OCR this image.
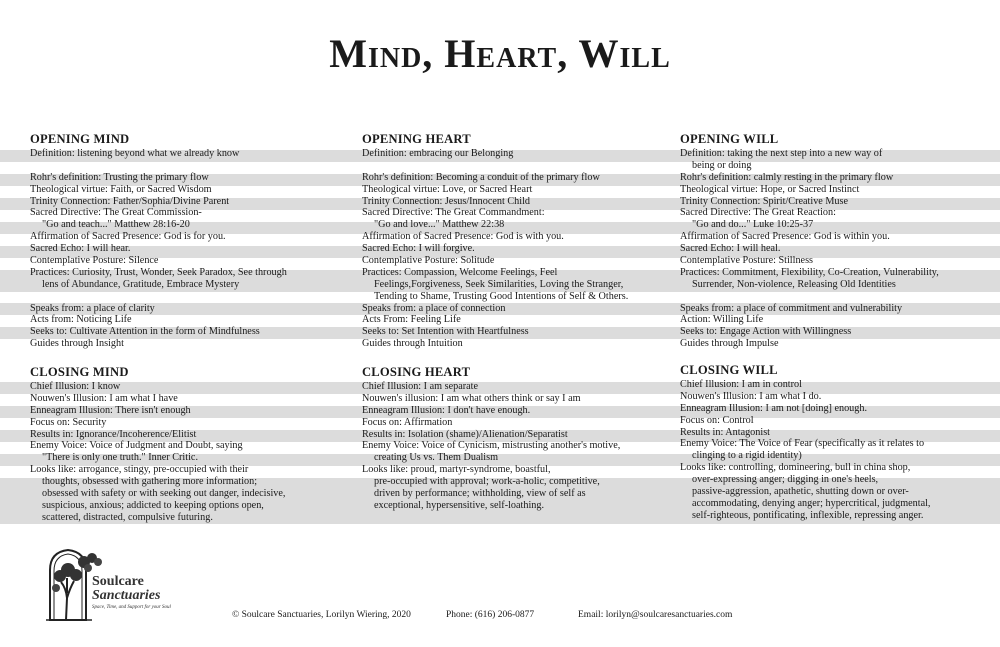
Mind, Heart, Will
OPENING MIND
Definition: listening beyond what we already know
Rohr's definition: Trusting the primary flow
Theological virtue: Faith, or Sacred Wisdom
Trinity Connection: Father/Sophia/Divine Parent
Sacred Directive: The Great Commission-
"Go and teach..." Matthew 28:16-20
Affirmation of Sacred Presence: God is for you.
Sacred Echo: I will hear.
Contemplative Posture: Silence
Practices: Curiosity, Trust, Wonder, Seek Paradox, See through
lens of Abundance, Gratitude, Embrace Mystery
Speaks from: a place of clarity
Acts from: Noticing Life
Seeks to: Cultivate Attention in the form of Mindfulness
Guides through Insight
OPENING HEART
Definition: embracing our Belonging
Rohr's definition: Becoming a conduit of the primary flow
Theological virtue: Love, or Sacred Heart
Trinity Connection: Jesus/Innocent Child
Sacred Directive: The Great Commandment:
"Go and love..." Matthew 22:38
Affirmation of Sacred Presence: God is with you.
Sacred Echo: I will forgive.
Contemplative Posture: Solitude
Practices: Compassion, Welcome Feelings, Feel
Feelings,Forgiveness, Seek Similarities, Loving the Stranger,
Tending to Shame, Trusting Good Intentions of Self & Others.
Speaks from: a place of connection
Acts From: Feeling Life
Seeks to: Set Intention with Heartfulness
Guides through Intuition
OPENING WILL
Definition: taking the next step into a new way of
being or doing
Rohr's definition: calmly resting in the primary flow
Theological virtue: Hope, or Sacred Instinct
Trinity Connection: Spirit/Creative Muse
Sacred Directive: The Great Reaction:
"Go and do..." Luke 10:25-37
Affirmation of Sacred Presence: God is within you.
Sacred Echo: I will heal.
Contemplative Posture: Stillness
Practices: Commitment, Flexibility, Co-Creation, Vulnerability,
Surrender, Non-violence, Releasing Old Identities
Speaks from: a place of commitment and vulnerability
Action: Willing Life
Seeks to: Engage Action with Willingness
Guides through Impulse
CLOSING MIND
Chief Illusion: I know
Nouwen's Illusion: I am what I have
Enneagram Illusion: There isn't enough
Focus on: Security
Results in: Ignorance/Incoherence/Elitist
Enemy Voice: Voice of Judgment and Doubt, saying
"There is only one truth." Inner Critic.
Looks like: arrogance, stingy, pre-occupied with their
thoughts, obsessed with gathering more information;
obsessed with safety or with seeking out danger, indecisive,
suspicious, anxious; addicted to keeping options open,
scattered, distracted, compulsive futuring.
CLOSING HEART
Chief Illusion: I am separate
Nouwen's illusion: I am what others think or say I am
Enneagram Illusion: I don't have enough.
Focus on: Affirmation
Results in: Isolation (shame)/Alienation/Separatist
Enemy Voice: Voice of Cynicism, mistrusting another's motive,
creating Us vs. Them Dualism
Looks like: proud, martyr-syndrome, boastful,
pre-occupied with approval; work-a-holic, competitive,
driven by performance; withholding, view of self as
exceptional, hypersensitive, self-loathing.
CLOSING WILL
Chief Illusion: I am in control
Nouwen's Illusion: I am what I do.
Enneagram Illusion: I am not [doing] enough.
Focus on: Control
Results in: Antagonist
Enemy Voice: The Voice of Fear (specifically as it relates to
clinging to a rigid identity)
Looks like: controlling, domineering, bull in china shop,
over-expressing anger; digging in one's heels,
passive-aggression, apathetic, shutting down or over-
accommodating, denying anger; hypercritical, judgmental,
self-righteous, pontificating, inflexible, repressing anger.
Soulcare
Sanctuaries
Space, Time, and Support for your Soul
© Soulcare Sanctuaries, Lorilyn Wiering, 2020	Phone: (616) 206-0877	Email: lorilyn@soulcaresanctuaries.com
